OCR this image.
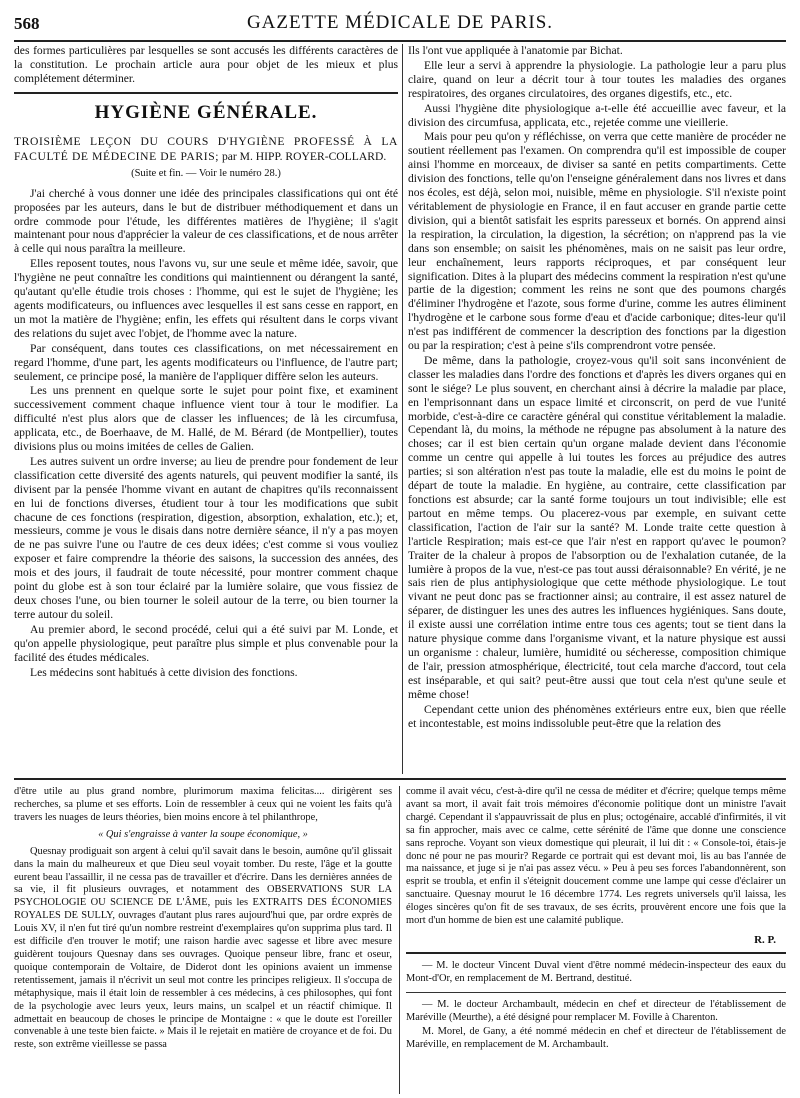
568	GAZETTE MÉDICALE DE PARIS.

des formes particulières par lesquelles se sont accusés les différents caractères de la constitution. Le prochain article aura pour objet de les mieux et plus complétement déterminer.

HYGIÈNE GÉNÉRALE.
TROISIÈME LEÇON DU COURS D'HYGIÈNE PROFESSÉ À LA FACULTÉ DE MÉDECINE DE PARIS; par M. HIPP. ROYER-COLLARD.
(Suite et fin. — Voir le numéro 28.)

J'ai cherché à vous donner une idée des principales classifications qui ont été proposées par les auteurs, dans le but de distribuer méthodiquement et dans un ordre commode pour l'étude, les différentes matières de l'hygiène; il s'agit maintenant pour nous d'apprécier la valeur de ces classifications, et de nous arrêter à celle qui nous paraîtra la meilleure.

Elles reposent toutes, nous l'avons vu, sur une seule et même idée, savoir, que l'hygiène ne peut connaître les conditions qui maintiennent ou dérangent la santé, qu'autant qu'elle étudie trois choses : l'homme, qui est le sujet de l'hygiène; les agents modificateurs, ou influences avec lesquelles il est sans cesse en rapport, en un mot la matière de l'hygiène; enfin, les effets qui résultent dans le corps vivant des relations du sujet avec l'objet, de l'homme avec la nature.

Par conséquent, dans toutes ces classifications, on met nécessairement en regard l'homme, d'une part, les agents modificateurs ou l'influence, de l'autre part; seulement, ce principe posé, la manière de l'appliquer diffère selon les auteurs.

Les uns prennent en quelque sorte le sujet pour point fixe, et examinent successivement comment chaque influence vient tour à tour le modifier. La difficulté n'est plus alors que de classer les influences; de là les circumfusa, applicata, etc., de Boerhaave, de M. Hallé, de M. Bérard (de Montpellier), toutes divisions plus ou moins imitées de celles de Galien.

Les autres suivent un ordre inverse; au lieu de prendre pour fondement de leur classification cette diversité des agents naturels, qui peuvent modifier la santé, ils divisent par la pensée l'homme vivant en autant de chapitres qu'ils reconnaissent en lui de fonctions diverses, étudient tour à tour les modifications que subit chacune de ces fonctions (respiration, digestion, absorption, exhalation, etc.); et, messieurs, comme je vous le disais dans notre dernière séance, il n'y a pas moyen de ne pas suivre l'une ou l'autre de ces deux idées; c'est comme si vous vouliez exposer et faire comprendre la théorie des saisons, la succession des années, des mois et des jours, il faudrait de toute nécessité, pour montrer comment chaque point du globe est à son tour éclairé par la lumière solaire, que vous fissiez de deux choses l'une, ou bien tourner le soleil autour de la terre, ou bien tourner la terre autour du soleil.

Au premier abord, le second procédé, celui qui a été suivi par M. Londe, et qu'on appelle physiologique, peut paraître plus simple et plus convenable pour la facilité des études médicales.

Les médecins sont habitués à cette division des fonctions.

Ils l'ont vue appliquée à l'anatomie par Bichat.

Elle leur a servi à apprendre la physiologie. La pathologie leur a paru plus claire, quand on leur a décrit tour à tour toutes les maladies des organes respiratoires, des organes circulatoires, des organes digestifs, etc., etc.

Aussi l'hygiène dite physiologique a-t-elle été accueillie avec faveur, et la division des circumfusa, applicata, etc., rejetée comme une vieillerie.

Mais pour peu qu'on y réfléchisse, on verra que cette manière de procéder ne soutient réellement pas l'examen. On comprendra qu'il est impossible de couper ainsi l'homme en morceaux, de diviser sa santé en petits compartiments. Cette division des fonctions, telle qu'on l'enseigne généralement dans nos livres et dans nos écoles, est déjà, selon moi, nuisible, même en physiologie. S'il n'existe point véritablement de physiologie en France, il en faut accuser en grande partie cette division, qui a bientôt satisfait les esprits paresseux et bornés. On apprend ainsi la respiration, la circulation, la digestion, la sécrétion; on n'apprend pas la vie dans son ensemble; on saisit les phénomènes, mais on ne saisit pas leur ordre, leur enchaînement, leurs rapports réciproques, et par conséquent leur signification. Dites à la plupart des médecins comment la respiration n'est qu'une partie de la digestion; comment les reins ne sont que des poumons chargés d'éliminer l'hydrogène et l'azote, sous forme d'urine, comme les autres éliminent l'hydrogène et le carbone sous forme d'eau et d'acide carbonique; dites-leur qu'il n'est pas indifférent de commencer la description des fonctions par la digestion ou par la respiration; c'est à peine s'ils comprendront votre pensée.

De même, dans la pathologie, croyez-vous qu'il soit sans inconvénient de classer les maladies dans l'ordre des fonctions et d'après les divers organes qui en sont le siége? Le plus souvent, en cherchant ainsi à décrire la maladie par place, en l'emprisonnant dans un espace limité et circonscrit, on perd de vue l'unité morbide, c'est-à-dire ce caractère général qui constitue véritablement la maladie. Cependant là, du moins, la méthode ne répugne pas absolument à la nature des choses; car il est bien certain qu'un organe malade devient dans l'économie comme un centre qui appelle à lui toutes les forces au préjudice des autres parties; si son altération n'est pas toute la maladie, elle est du moins le point de départ de toute la maladie. En hygiène, au contraire, cette classification par fonctions est absurde; car la santé forme toujours un tout indivisible; elle est partout en même temps. Ou placerez-vous par exemple, en suivant cette classification, l'action de l'air sur la santé? M. Londe traite cette question à l'article Respiration; mais est-ce que l'air n'est en rapport qu'avec le poumon? Traiter de la chaleur à propos de l'absorption ou de l'exhalation cutanée, de la lumière à propos de la vue, n'est-ce pas tout aussi déraisonnable? En vérité, je ne sais rien de plus antiphysiologique que cette méthode physiologique. Le tout vivant ne peut donc pas se fractionner ainsi; au contraire, il est assez naturel de séparer, de distinguer les unes des autres les influences hygiéniques. Sans doute, il existe aussi une corrélation intime entre tous ces agents; tout se tient dans la nature physique comme dans l'organisme vivant, et la nature physique est aussi un organisme : chaleur, lumière, humidité ou sécheresse, composition chimique de l'air, pression atmosphérique, électricité, tout cela marche d'accord, tout cela est inséparable, et qui sait? peut-être aussi que tout cela n'est qu'une seule et même chose!

Cependant cette union des phénomènes extérieurs entre eux, bien que réelle et incontestable, est moins indissoluble peut-être que la relation des

d'être utile au plus grand nombre, plurimorum maxima felicitas.... dirigèrent ses recherches, sa plume et ses efforts. Loin de ressembler à ceux qui ne voient les faits qu'à travers les nuages de leurs théories, bien moins encore à tel philanthrope,

« Qui s'engraisse à vanter la soupe économique, »

Quesnay prodiguait son argent à celui qu'il savait dans le besoin, aumône qu'il glissait dans la main du malheureux et que Dieu seul voyait tomber. Du reste, l'âge et la goutte eurent beau l'assaillir, il ne cessa pas de travailler et d'écrire. Dans les dernières années de sa vie, il fit plusieurs ouvrages, et notamment des OBSERVATIONS SUR LA PSYCHOLOGIE OU SCIENCE DE L'ÂME, puis les EXTRAITS DES ÉCONOMIES ROYALES DE SULLY, ouvrages d'autant plus rares aujourd'hui que, par ordre exprès de Louis XV, il n'en fut tiré qu'un nombre restreint d'exemplaires qu'on supprima plus tard. Il est difficile d'en trouver le motif; une raison hardie avec sagesse et libre avec mesure guidèrent toujours Quesnay dans ses ouvrages. Quoique penseur libre, franc et oseur, quoique contemporain de Voltaire, de Diderot dont les opinions avaient un immense retentissement, jamais il n'écrivit un seul mot contre les principes religieux. Il s'occupa de métaphysique, mais il était loin de ressembler à ces médecins, à ces philosophes, qui font de la psychologie avec leurs yeux, leurs mains, un scalpel et un réactif chimique. Il admettait en beaucoup de choses le principe de Montaigne : « que le doute est l'oreiller convenable à une teste bien faicte. » Mais il le rejetait en matière de croyance et de foi. Du reste, son extrême vieillesse se passa

comme il avait vécu, c'est-à-dire qu'il ne cessa de méditer et d'écrire; quelque temps même avant sa mort, il avait fait trois mémoires d'économie politique dont un ministre l'avait chargé. Cependant il s'appauvrissait de plus en plus; octogénaire, accablé d'infirmités, il vit sa fin approcher, mais avec ce calme, cette sérénité de l'âme que donne une conscience sans reproche. Voyant son vieux domestique qui pleurait, il lui dit : « Console-toi, étais-je donc né pour ne pas mourir? Regarde ce portrait qui est devant moi, lis au bas l'année de ma naissance, et juge si je n'ai pas assez vécu. » Peu à peu ses forces l'abandonnèrent, son esprit se troubla, et enfin il s'éteignit doucement comme une lampe qui cesse d'éclairer un sanctuaire. Quesnay mourut le 16 décembre 1774. Les regrets universels qu'il laissa, les éloges sincères qu'on fit de ses travaux, de ses écrits, prouvèrent encore une fois que la mort d'un homme de bien est une calamité publique.

R. P.

— M. le docteur Vincent Duval vient d'être nommé médecin-inspecteur des eaux du Mont-d'Or, en remplacement de M. Bertrand, destitué.

— M. le docteur Archambault, médecin en chef et directeur de l'établissement de Maréville (Meurthe), a été désigné pour remplacer M. Foville à Charenton.

M. Morel, de Gany, a été nommé médecin en chef et directeur de l'établissement de Maréville, en remplacement de M. Archambault.
